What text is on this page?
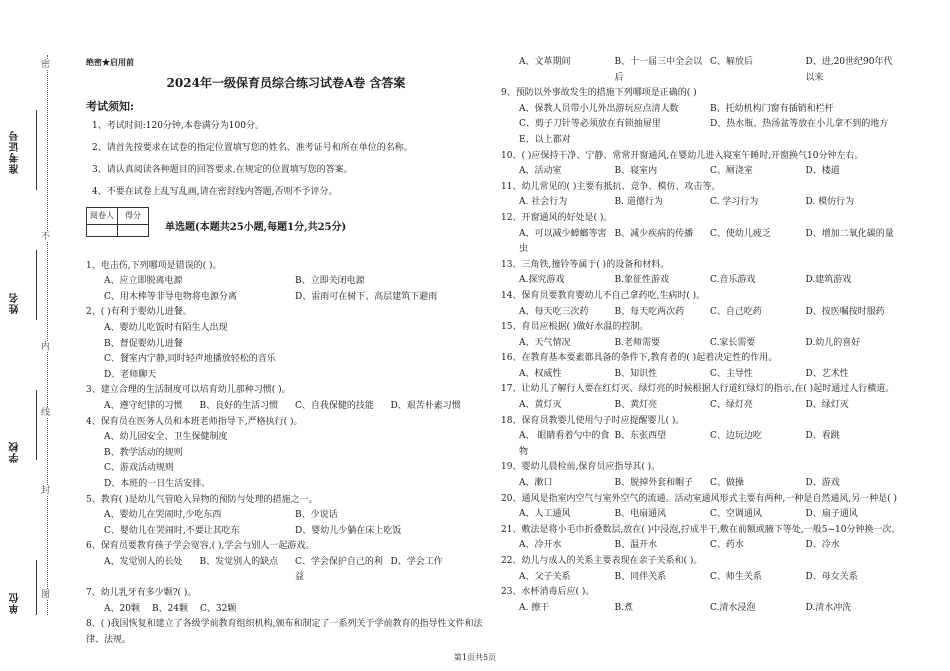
准考证号
姓名
学校
单位
密
不
内
线
封
图
绝密★启用前
2024年一级保育员综合练习试卷A卷 含答案
考试须知:

1、考试时间:120分钟,本卷满分为100分。

2、请首先按要求在试卷的指定位置填写您的姓名、准考证号和所在单位的名称。

3、请认真阅读各种题目的回答要求,在规定的位置填写您的答案。

4、不要在试卷上乱写乱画,请在密封线内答题,否则不予评分。

阅卷人	得分

单选题(本题共25小题,每题1分,共25分)
1、电击伤,下列哪项是错误的( )。
A、应立即脱离电源	B、立即关闭电源
C、用木棒等非导电物将电源分离	D、雷雨可在树下、高层建筑下避雨
2、( )有利于婴幼儿进餐。
A、婴幼儿吃饭时有陌生人出现
B、督促婴幼儿进餐
C、餐室内宁静,同时轻声地播放轻松的音乐
D、老师聊天
3、建立合理的生活制度可以培育幼儿那种习惯( )。
A、遵守纪律的习惯	B、良好的生活习惯	C、自我保健的技能	D、艰苦朴素习惯
4、保育员在医务人员和本班老师指导下,严格执行( )。
A、幼儿园安全、卫生保健制度
B、教学活动的规则
C、游戏活动规则
D、本班的一日生活安排。
5、教育( )是幼儿气管呛入异物的预防与处理的措施之一。
A、婴幼儿在哭闹时,少吃东西	B、少说话
C、婴幼儿在哭闹时,不要让其吃东	D、婴幼儿少躺在床上吃饭
6、保育员要教育孩子学会宽容,( ),学会与别人一起游戏。
A、发觉别人的长处	B、发觉别人的缺点	C、学会保护自己的利益
D、学会工作
7、幼儿乳牙有多少颗?( )。
A、20颗 B、24颗 C、32颗
8、( )我国恢复和建立了各级学前教育组织机构,颁布和制定了一系列关于学前教育的指导性文件和法律、法规。
A、文革期间	B、十一届三中全会以后
C、解放后	D、进,20世纪90年代以来
9、预防以外事故发生的措施下列哪项是正确的( )
A、保教人员带小儿外出游玩应点清人数	B、托幼机构门窗有插销和栏杆
C、剪子刀针等必须放在有锁抽屉里	D、热水瓶、热汤盆等放在小儿拿不到的地方
E、以上都对
10、( )应保持干净、宁静、常常开窗通风,在婴幼儿进入寝室午睡时,开窗换气10分钟左右。
A、活动室	B、寝室内	C、厕浇室	D、楼道
11、幼儿常见的( )主要有抵抗、竞争、模仿、攻击等。
A. 社会行为	B. 道德行为	C. 学习行为	D. 模仿行为
12、开窗通风的好处是( )。
A、可以减少蟑螂等害虫
B、减少疾病的传播	C、使幼儿疲乏	D、增加二氧化碳的量
13、三角铁,撞铃等属于( )的设备和材料。
A.探究游戏	B.象征性游戏	C.音乐游戏	D.建筑游戏
14、保育员要教育婴幼儿不自己拿药吃,生病时( )。
A、每天吃三次药	B、每天吃两次药	C、自己吃药	D、按医嘱按时服药
15、育员应根据( )做好水温的控制。
A、天气情况	B.老师需要	C.家长需要	D.幼儿的喜好
16、在教育基本要素都具备的条件下,教育者的( )起着决定性的作用。
A、权威性	B、知识性	C、主导性	D、艺术性
17、让幼儿了解行人要在红灯灭、绿灯亮的时候根据人行道红绿灯的指示,在( )起时通过人行横道。
A、黄灯灭	B、黄灯亮	C、绿灯亮	D、绿灯灭
18、保育员教婴儿使用勺子时应提醒婴儿( )。
A、 眼睛看着勺中的食物
B、东张西望	C、边玩边吃	D、看跳
19、婴幼儿晨检前,保育员应指导其( )。
A、漱口	B、脱掉外套和帽子	C、做操	D、游戏
20、通风是指室内空气与室外空气的流通。活动室通风形式主要有两种,一种是自然通风,另一种是( )
A、人工通风	B、电扇通风	C、空调通风	D、扇子通风
21、敷法是将小毛巾折叠数层,放在( )中浸泡,拧成半干,敷在前额或腋下等处,一般5~10分钟换一次。
A、冷开水	B、温开水	C、药水	D、冷水
22、幼儿与成人的关系主要表现在亲子关系和( )。
A、父子关系	B、同伴关系	C、师生关系	D、母女关系
23、水杯消毒后应( )。
A. 擦干	B.煮	C.清水浸泡	D.清水冲洗
第1页共5页
